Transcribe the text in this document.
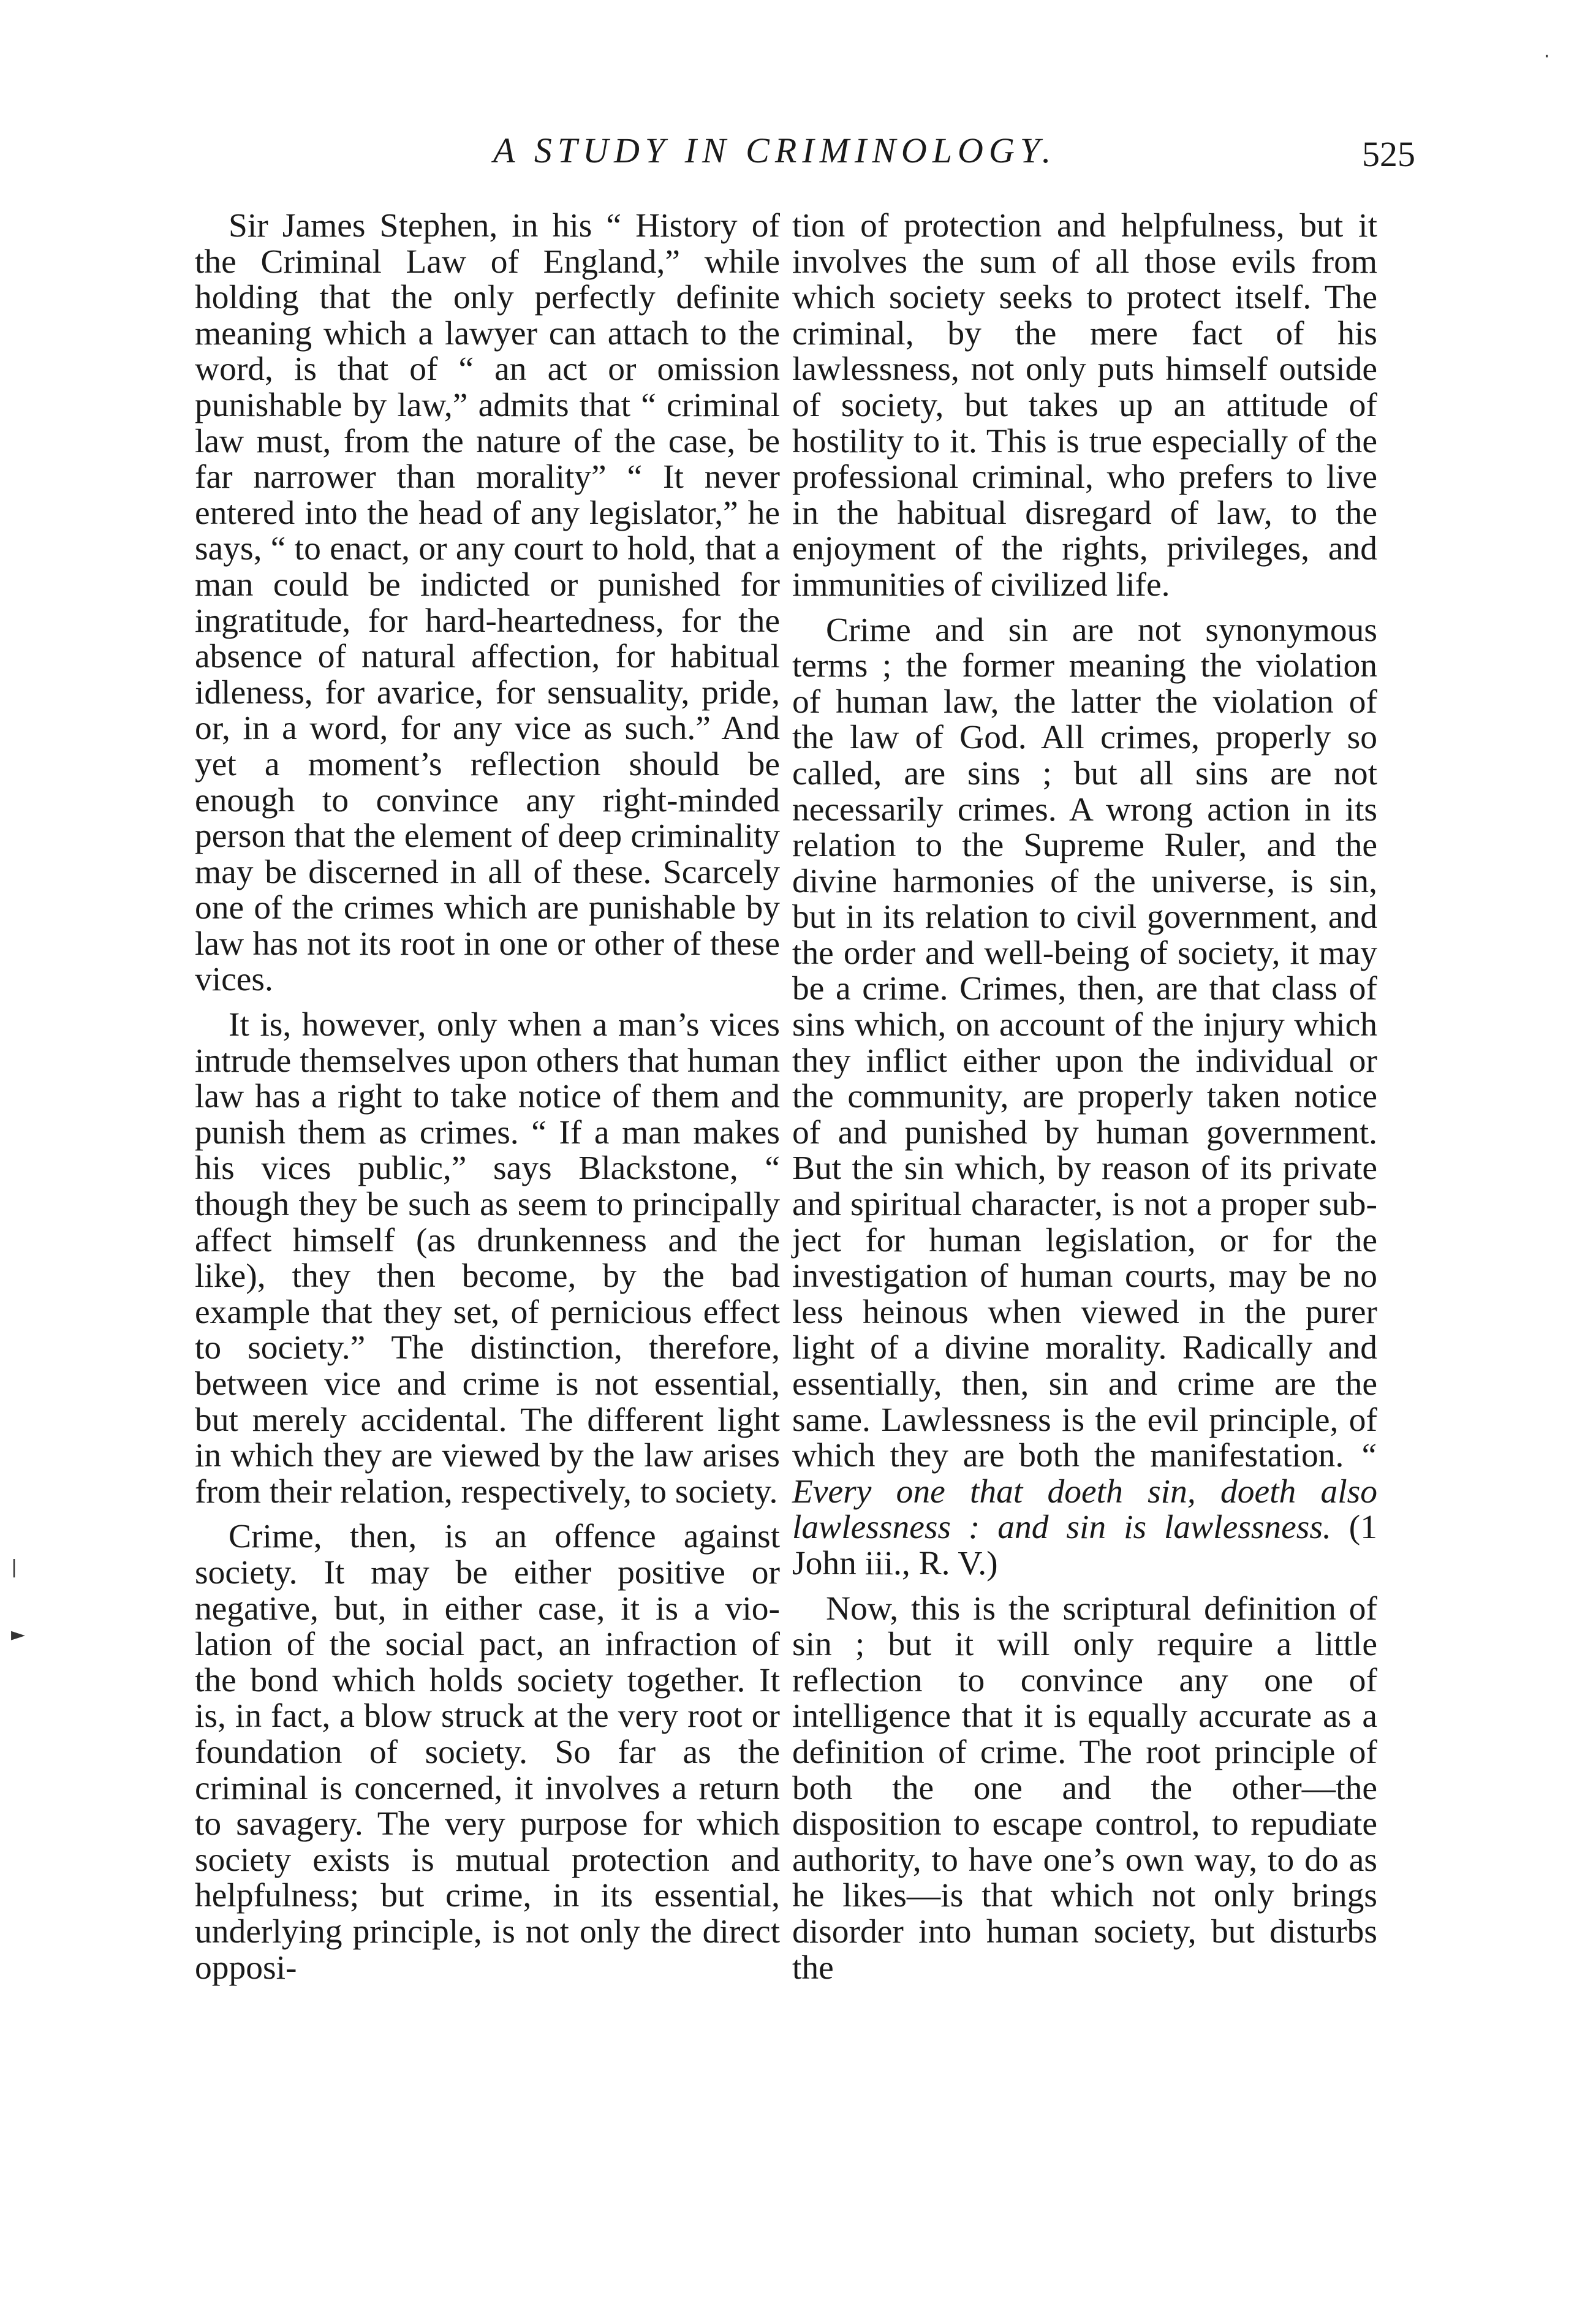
A STUDY IN CRIMINOLOGY.	525

Sir James Stephen, in his “ History of the Criminal Law of England,” while holding that the only perfectly definite meaning which a lawyer can attach to the word, is that of “ an act or omission punishable by law,” admits that “ criminal law must, from the nature of the case, be far narrower than morality” “ It never entered into the head of any legislator,” he says, “ to enact, or any court to hold, that a man could be indicted or punished for ingratitude, for hard-heartedness, for the absence of natural affection, for habitual idleness, for avarice, for sensuality, pride, or, in a word, for any vice as such.” And yet a moment’s reflection should be enough to convince any right-minded person that the element of deep criminality may be discerned in all of these. Scarcely one of the crimes which are punishable by law has not its root in one or other of these vices.

It is, however, only when a man’s vices intrude themselves upon others that human law has a right to take notice of them and punish them as crimes. “ If a man makes his vices public,” says Blackstone, “ though they be such as seem to principally affect himself (as drunkenness and the like), they then become, by the bad example that they set, of pernicious effect to society.” The distinction, therefore, between vice and crime is not essential, but merely accidental. The different light in which they are viewed by the law arises from their relation, respectively, to society.

Crime, then, is an offence against society. It may be either positive or negative, but, in either case, it is a violation of the social pact, an infraction of the bond which holds society together. It is, in fact, a blow struck at the very root or foundation of society. So far as the criminal is concerned, it involves a return to savagery. The very purpose for which society exists is mutual protection and helpfulness; but crime, in its essential, underlying principle, is not only the direct opposi-

tion of protection and helpfulness, but it involves the sum of all those evils from which society seeks to protect itself. The criminal, by the mere fact of his lawlessness, not only puts himself outside of society, but takes up an attitude of hostility to it. This is true especially of the professional criminal, who prefers to live in the habitual disregard of law, to the enjoyment of the rights, privileges, and immunities of civilized life.

Crime and sin are not synonymous terms ; the former meaning the violation of human law, the latter the violation of the law of God. All crimes, properly so called, are sins ; but all sins are not necessarily crimes. A wrong action in its relation to the Supreme Ruler, and the divine harmonies of the universe, is sin, but in its relation to civil government, and the order and well-being of society, it may be a crime. Crimes, then, are that class of sins which, on account of the injury which they inflict either upon the individual or the community, are properly taken notice of and punished by human government. But the sin which, by reason of its private and spiritual character, is not a proper subject for human legislation, or for the investigation of human courts, may be no less heinous when viewed in the purer light of a divine morality. Radically and essentially, then, sin and crime are the same. Lawlessness is the evil principle, of which they are both the manifestation. “ Every one that doeth sin, doeth also lawlessness : and sin is lawlessness. (1 John iii., R. V.)

Now, this is the scriptural definition of sin ; but it will only require a little reflection to convince any one of intelligence that it is equally accurate as a definition of crime. The root principle of both the one and the other—the disposition to escape control, to repudiate authority, to have one’s own way, to do as he likes—is that which not only brings disorder into human society, but disturbs the

|
►
·
